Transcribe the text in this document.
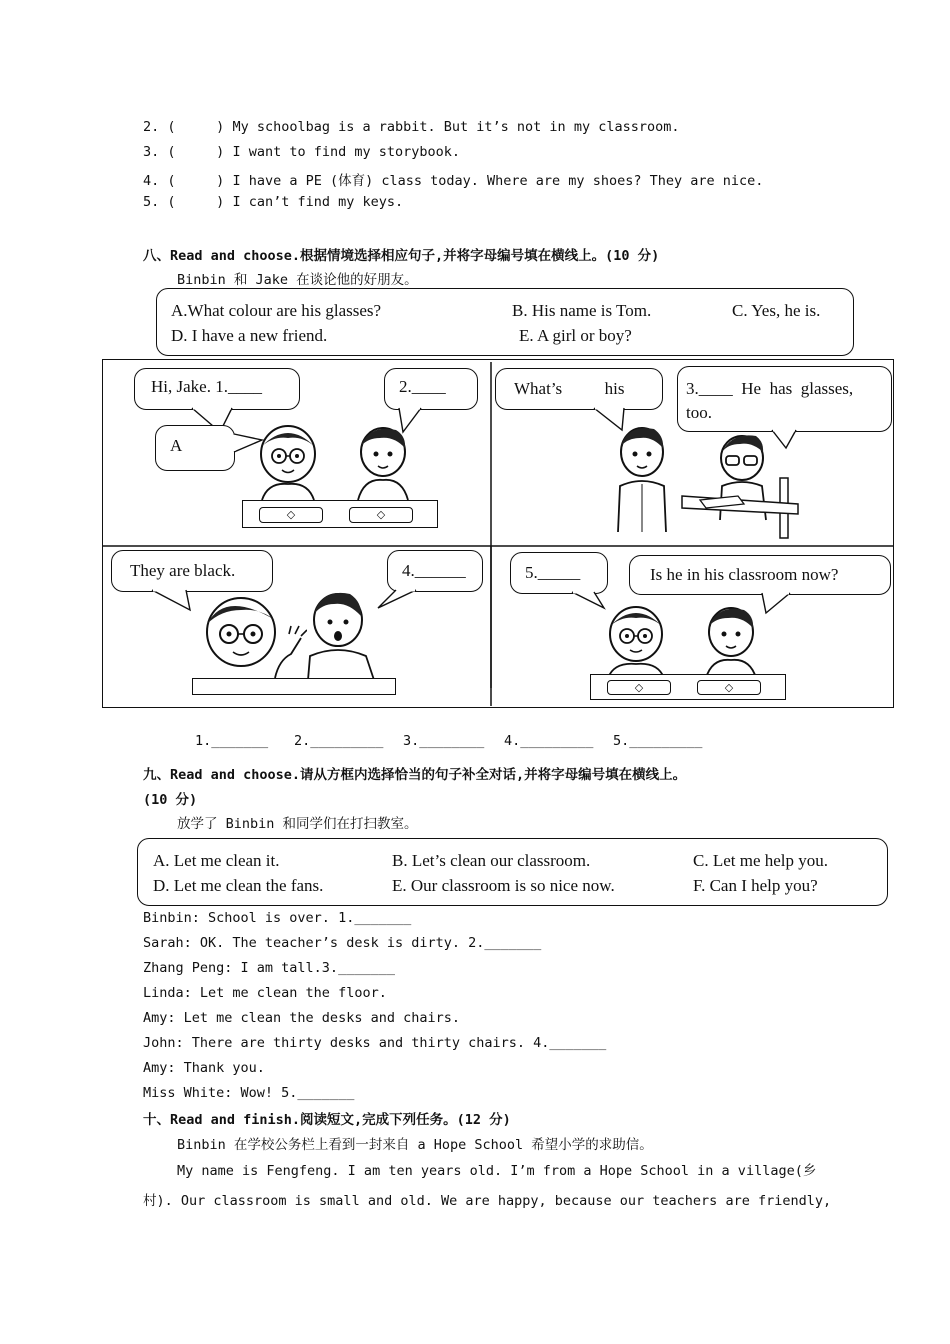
2. (     ) My schoolbag is a rabbit. But it’s not in my classroom.
3. (     ) I want to find my storybook.
4. (     ) I have a PE (体育) class today. Where are my shoes? They are nice.
5. (     ) I can’t find my keys.
八、Read and choose.根据情境选择相应句子,并将字母编号填在横线上。(10 分)
Binbin 和 Jake 在谈论他的好朋友。
A.What colour are his glasses?	B. His name is Tom.	C. Yes, he is.
D. I have a new friend.	E. A girl or boy?
Hi, Jake. 1.____	2.____
A
◇	◇
What’s          his	3.____  He  has  glasses,
too.
They are black.	4.______	5._____	Is he in his classroom now?
◇	◇
1._______ 2._________ 3.________ 4._________ 5._________
九、Read and choose.请从方框内选择恰当的句子补全对话,并将字母编号填在横线上。
(10 分)
放学了 Binbin 和同学们在打扫教室。
A. Let me clean it.	B. Let’s clean our classroom.	C. Let me help you.
D. Let me clean the fans.	E. Our classroom is so nice now.	F. Can I help you?
Binbin: School is over. 1._______
Sarah: OK. The teacher’s desk is dirty. 2._______
Zhang Peng: I am tall.3._______
Linda: Let me clean the floor.
Amy: Let me clean the desks and chairs.
John: There are thirty desks and thirty chairs. 4._______
Amy: Thank you.
Miss White: Wow! 5._______
十、Read and finish.阅读短文,完成下列任务。(12 分)
Binbin 在学校公务栏上看到一封来自 a Hope School 希望小学的求助信。
My name is Fengfeng. I am ten years old. I’m from a Hope School in a village(乡
村). Our classroom is small and old. We are happy, because our teachers are friendly,
